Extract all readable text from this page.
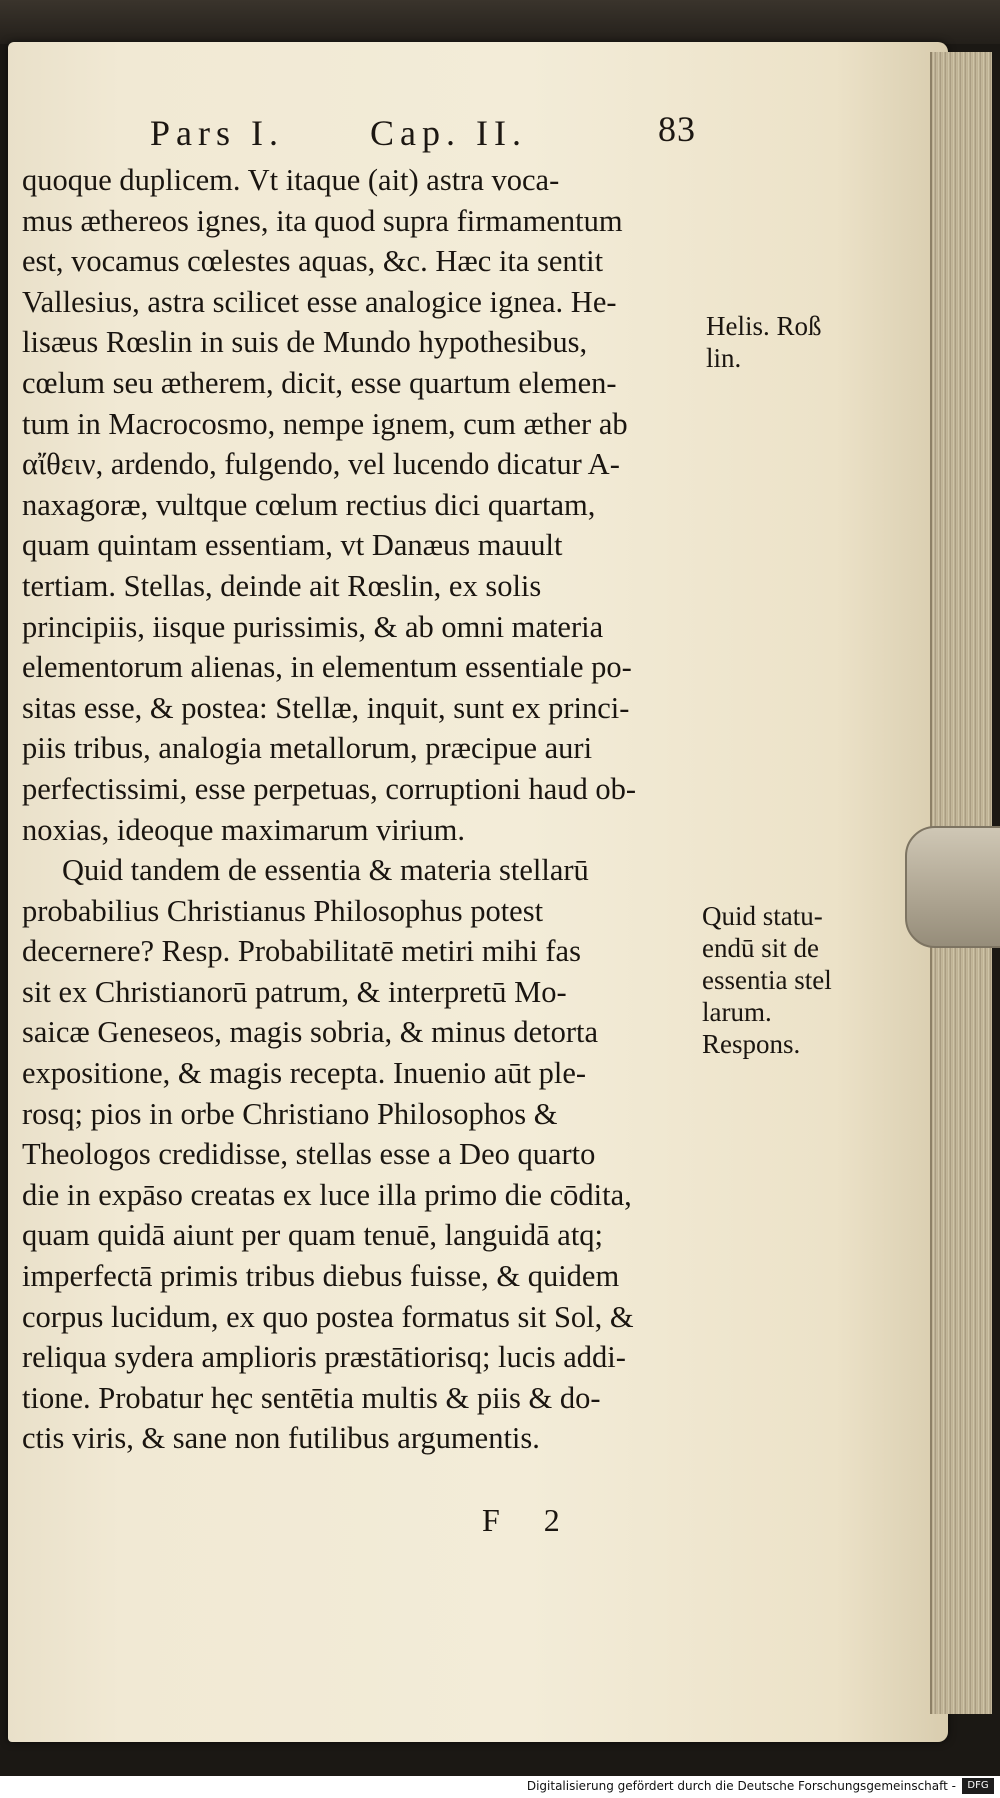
Pars I. Cap. II.	83
quoque duplicem. Vt itaque (ait) astra voca-
mus æthereos ignes, ita quod supra firmamentum
est, vocamus cœlestes aquas, &c. Hæc ita sentit
Vallesius, astra scilicet esse analogice ignea. He-
lisæus Rœslin in suis de Mundo hypothesibus,
cœlum seu ætherem, dicit, esse quartum elemen-
tum in Macrocosmo, nempe ignem, cum æther ab
αἴθειν, ardendo, fulgendo, vel lucendo dicatur A-
naxagoræ, vultque cœlum rectius dici quartam,
quam quintam essentiam, vt Danæus mauult
tertiam. Stellas, deinde ait Rœslin, ex solis
principiis, iisque purissimis, & ab omni materia
elementorum alienas, in elementum essentiale po-
sitas esse, & postea: Stellæ, inquit, sunt ex princi-
piis tribus, analogia metallorum, præcipue auri
perfectissimi, esse perpetuas, corruptioni haud ob-
noxias, ideoque maximarum virium.
Quid tandem de essentia & materia stellarū
probabilius Christianus Philosophus potest
decernere? Resp. Probabilitatē metiri mihi fas
sit ex Christianorū patrum, & interpretū Mo-
saicæ Geneseos, magis sobria, & minus detorta
expositione, & magis recepta. Inuenio aūt ple-
rosq; pios in orbe Christiano Philosophos &
Theologos credidisse, stellas esse a Deo quarto
die in expāso creatas ex luce illa primo die cōdita,
quam quidā aiunt per quam tenuē, languidā atq;
imperfectā primis tribus diebus fuisse, & quidem
corpus lucidum, ex quo postea formatus sit Sol, &
reliqua sydera amplioris præstātiorisq; lucis addi-
tione. Probatur hęc sentētia multis & piis & do-
ctis viris, & sane non futilibus argumentis.
Helis. Roß
lin.
Quid statu-
endū sit de
essentia stel
larum.
Respons.
F 2
Digitalisierung gefördert durch die Deutsche Forschungsgemeinschaft -	DFG
